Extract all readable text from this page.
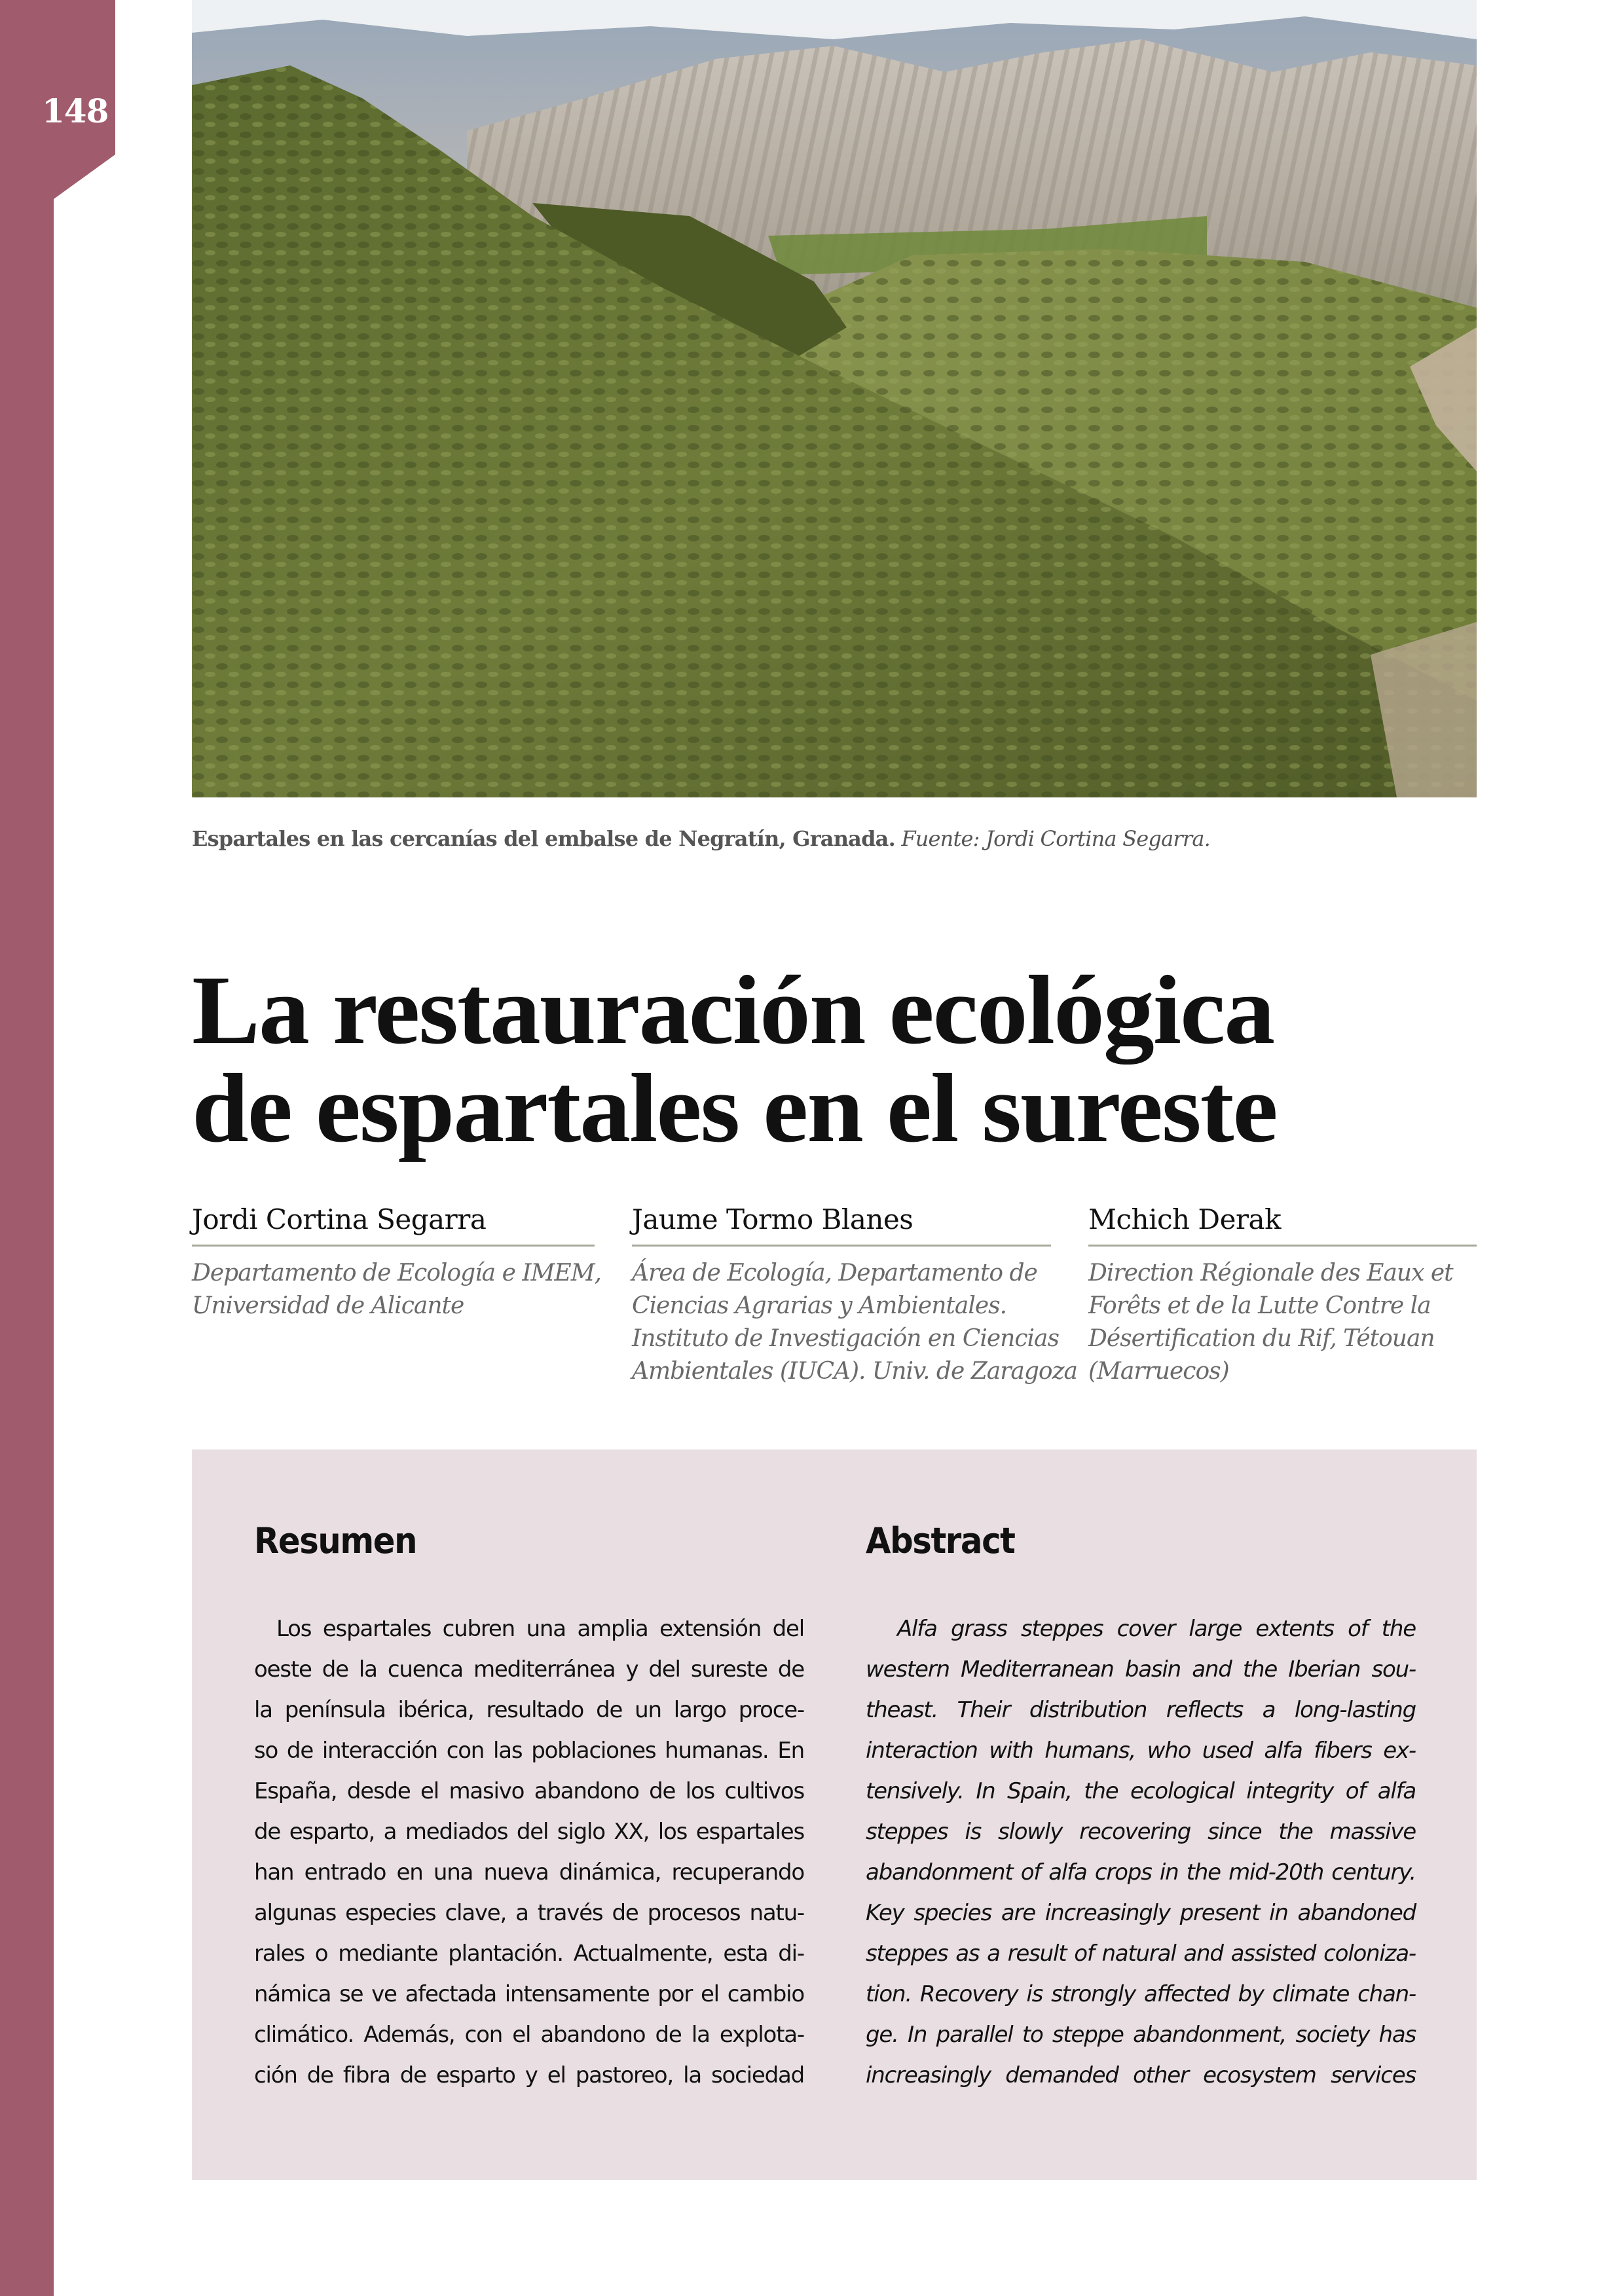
148
Espartales en las cercanías del embalse de Negratín, Granada. Fuente: Jordi Cortina Segarra.
La restauración ecológica
de espartales en el sureste
Jordi Cortina Segarra
Departamento de Ecología e IMEM,
Universidad de Alicante
Jaume Tormo Blanes
Área de Ecología, Departamento de
Ciencias Agrarias y Ambientales.
Instituto de Investigación en Ciencias
Ambientales (IUCA). Univ. de Zaragoza
Mchich Derak
Direction Régionale des Eaux et
Forêts et de la Lutte Contre la
Désertification du Rif, Tétouan
(Marruecos)
Resumen
Los espartales cubren una amplia extensión del
oeste de la cuenca mediterránea y del sureste de
la península ibérica, resultado de un largo proce-
so de interacción con las poblaciones humanas. En
España, desde el masivo abandono de los cultivos
de esparto, a mediados del siglo XX, los espartales
han entrado en una nueva dinámica, recuperando
algunas especies clave, a través de procesos natu-
rales o mediante plantación. Actualmente, esta di-
námica se ve afectada intensamente por el cambio
climático. Además, con el abandono de la explota-
ción de fibra de esparto y el pastoreo, la sociedad
Abstract
Alfa grass steppes cover large extents of the
western Mediterranean basin and the Iberian sou-
theast. Their distribution reflects a long-lasting
interaction with humans, who used alfa fibers ex-
tensively. In Spain, the ecological integrity of alfa
steppes is slowly recovering since the massive
abandonment of alfa crops in the mid-20th century.
Key species are increasingly present in abandoned
steppes as a result of natural and assisted coloniza-
tion. Recovery is strongly affected by climate chan-
ge. In parallel to steppe abandonment, society has
increasingly demanded other ecosystem services
